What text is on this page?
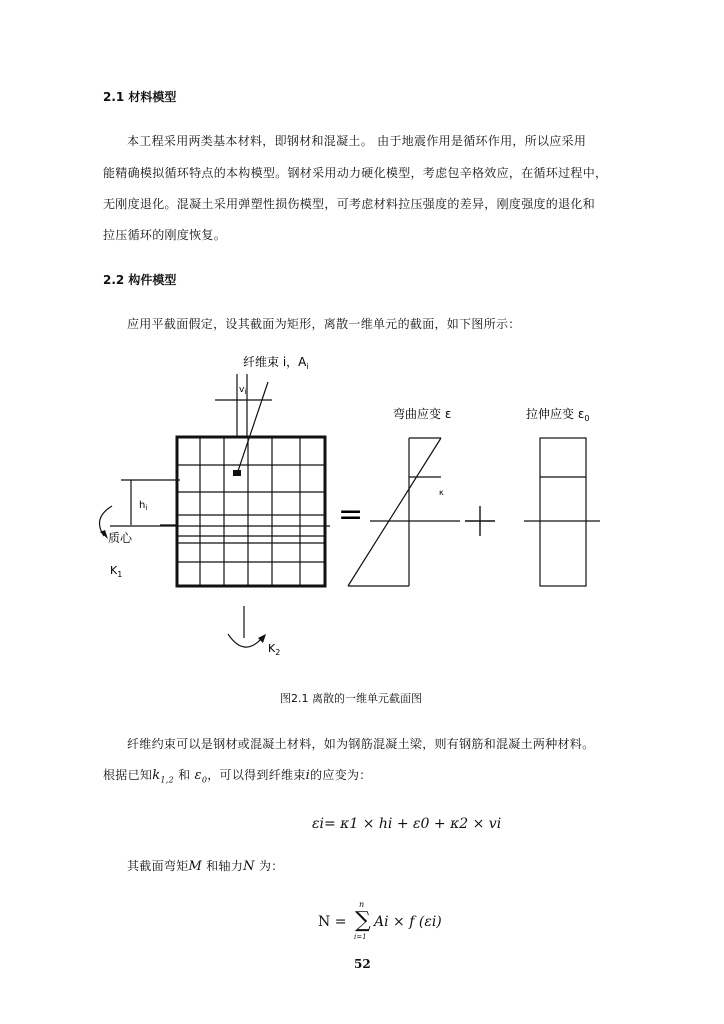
2.1 材料模型
本工程采用两类基本材料，即钢材和混凝土。 由于地震作用是循环作用，所以应采用
能精确模拟循环特点的本构模型。钢材采用动力硬化模型，考虑包辛格效应，在循环过程中，
无刚度退化。混凝土采用弹塑性损伤模型，可考虑材料拉压强度的差异，刚度强度的退化和
拉压循环的刚度恢复。
2.2 构件模型
应用平截面假定，设其截面为矩形，离散一维单元的截面，如下图所示：
纤维束 i，$A_i$
$v_i$
$h_i$
质心
$K_1$
$K_2$
=
弯曲应变 ε
κ
拉伸应变 $\varepsilon_0$
图2.1 离散的一维单元截面图
纤维约束可以是钢材或混凝土材料，如为钢筋混凝土梁，则有钢筋和混凝土两种材料。
根据已知$k_{1,2}$ 和 $\varepsilon_0$，可以得到纤维束i的应变为：
εi= κ1 × hi + ε0 + κ2 × vi
其截面弯矩M 和轴力N 为：
N =
n
∑
i=1
Ai × f (εi)
52
